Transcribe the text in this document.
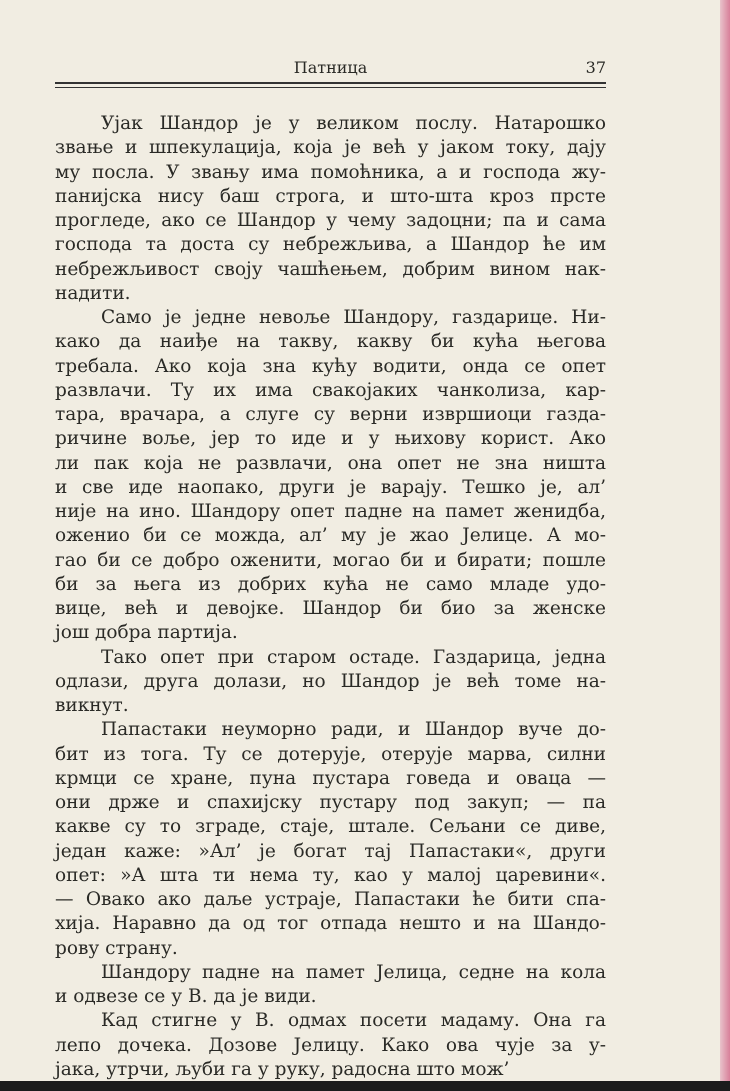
Патница	37
Ујак Шандор је у великом послу. Натарошко
звање и шпекулација, која је већ у јаком току, дају
му посла. У звању има помоћника, а и господа жу-
панијска нису баш строга, и што-шта кроз прсте
прогледе, ако се Шандор у чему задоцни; па и сама
господа та доста су небрежљива, а Шандор ће им
небрежљивост своју чашћењем, добрим вином нак-
надити.
Само је једне невоље Шандору, газдарице. Ни-
како да наиђе на такву, какву би кућа његова
требала. Ако која зна кућу водити, онда се опет
развлачи. Ту их има свакојаких чанколиза, кар-
тара, врачара, а слуге су верни извршиоци газда-
ричине воље, јер то иде и у њихову корист. Ако
ли пак која не развлачи, она опет не зна ништа
и све иде наопако, други је варају. Тешко је, ал’
није на ино. Шандору опет падне на памет женидба,
оженио би се можда, ал’ му је жао Јелице. А мо-
гао би се добро оженити, могао би и бирати; пошле
би за њега из добрих кућа не само младе удо-
вице, већ и девојке. Шандор би био за женске
још добра партија.
Тако опет при старом остаде. Газдарица, једна
одлази, друга долази, но Шандор је већ томе на-
викнут.
Папастаки неуморно ради, и Шандор вуче до-
бит из тога. Ту се дотерује, отерује марва, силни
крмци се хране, пуна пустара говеда и оваца —
они држе и спахијску пустару под закуп; — па
какве су то зграде, стаје, штале. Сељани се диве,
један каже: »Ал’ је богат тај Папастаки«, други
опет: »А шта ти нема ту, као у малој царевини«.
— Овако ако даље устраје, Папастаки ће бити спа-
хија. Наравно да од тог отпада нешто и на Шандо-
рову страну.
Шандору падне на памет Јелица, седне на кола
и одвезе се у В. да је види.
Кад стигне у В. одмах посети мадаму. Она га
лепо дочека. Дозове Јелицу. Како ова чује за у-
јака, утрчи, љуби га у руку, радосна што мож’
